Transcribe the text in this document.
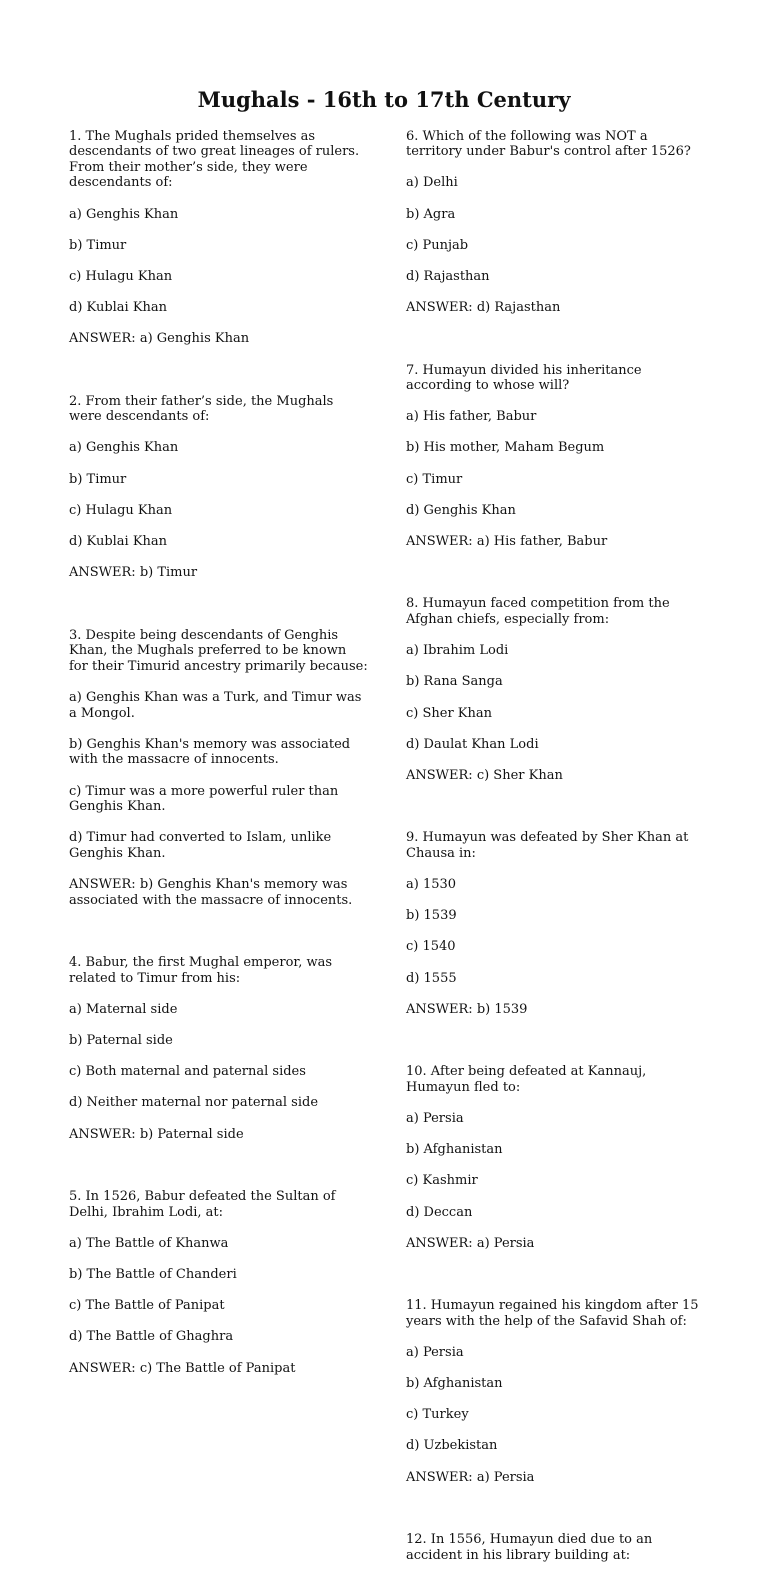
Mughals - 16th to 17th Century

1. The Mughals prided themselves as descendants of two great lineages of rulers. From their mother’s side, they were descendants of:

a) Genghis Khan

b) Timur

c) Hulagu Khan

d) Kublai Khan

ANSWER: a) Genghis Khan

2. From their father’s side, the Mughals were descendants of:

a) Genghis Khan

b) Timur

c) Hulagu Khan

d) Kublai Khan

ANSWER: b) Timur

3. Despite being descendants of Genghis Khan, the Mughals preferred to be known for their Timurid ancestry primarily because:

a) Genghis Khan was a Turk, and Timur was a Mongol.

b) Genghis Khan's memory was associated with the massacre of innocents.

c) Timur was a more powerful ruler than Genghis Khan.

d) Timur had converted to Islam, unlike Genghis Khan.

ANSWER: b) Genghis Khan's memory was associated with the massacre of innocents.

4. Babur, the first Mughal emperor, was related to Timur from his:

a) Maternal side

b) Paternal side

c) Both maternal and paternal sides

d) Neither maternal nor paternal side

ANSWER: b) Paternal side

5. In 1526, Babur defeated the Sultan of Delhi, Ibrahim Lodi, at:

a) The Battle of Khanwa

b) The Battle of Chanderi

c) The Battle of Panipat

d) The Battle of Ghaghra

ANSWER: c) The Battle of Panipat

6. Which of the following was NOT a territory under Babur's control after 1526?

a) Delhi

b) Agra

c) Punjab

d) Rajasthan

ANSWER: d) Rajasthan

7. Humayun divided his inheritance according to whose will?

a) His father, Babur

b) His mother, Maham Begum

c) Timur

d) Genghis Khan

ANSWER: a) His father, Babur

8. Humayun faced competition from the Afghan chiefs, especially from:

a) Ibrahim Lodi

b) Rana Sanga

c) Sher Khan

d) Daulat Khan Lodi

ANSWER: c) Sher Khan

9. Humayun was defeated by Sher Khan at Chausa in:

a) 1530

b) 1539

c) 1540

d) 1555

ANSWER: b) 1539

10. After being defeated at Kannauj, Humayun fled to:

a) Persia

b) Afghanistan

c) Kashmir

d) Deccan

ANSWER: a) Persia

11. Humayun regained his kingdom after 15 years with the help of the Safavid Shah of:

a) Persia

b) Afghanistan

c) Turkey

d) Uzbekistan

ANSWER: a) Persia

12. In 1556, Humayun died due to an accident in his library building at:
